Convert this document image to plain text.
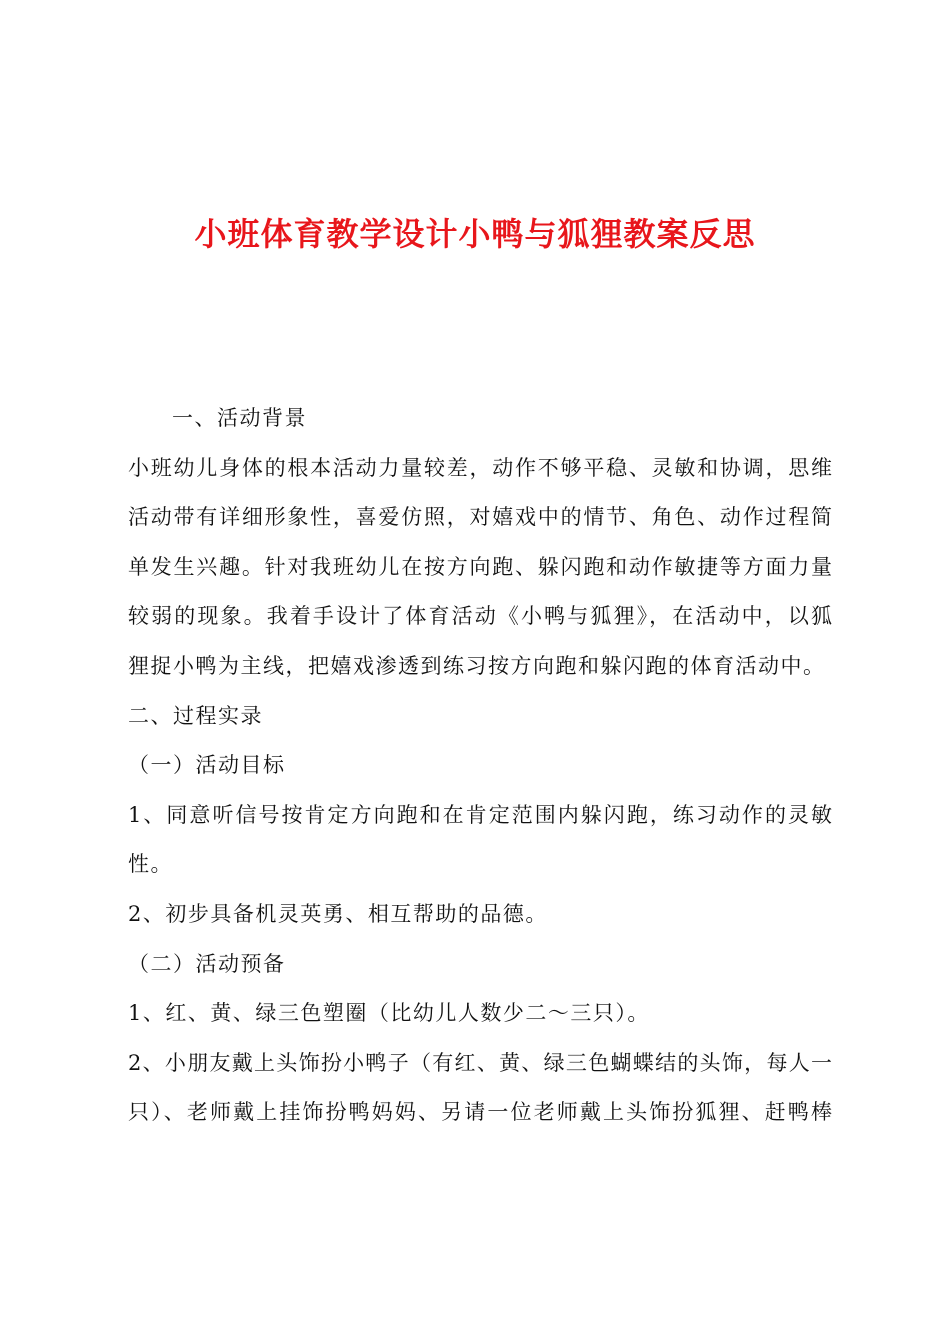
小班体育教学设计小鸭与狐狸教案反思

一、活动背景

小班幼儿身体的根本活动力量较差，动作不够平稳、灵敏和协调，思维

活动带有详细形象性，喜爱仿照，对嬉戏中的情节、角色、动作过程简

单发生兴趣。针对我班幼儿在按方向跑、躲闪跑和动作敏捷等方面力量

较弱的现象。我着手设计了体育活动《小鸭与狐狸》，在活动中，以狐

狸捉小鸭为主线，把嬉戏渗透到练习按方向跑和躲闪跑的体育活动中。

二、过程实录

（一）活动目标

1、同意听信号按肯定方向跑和在肯定范围内躲闪跑，练习动作的灵敏

性。

2、初步具备机灵英勇、相互帮助的品德。

（二）活动预备

1、红、黄、绿三色塑圈（比幼儿人数少二～三只）。

2、小朋友戴上头饰扮小鸭子（有红、黄、绿三色蝴蝶结的头饰，每人一

只）、老师戴上挂饰扮鸭妈妈、另请一位老师戴上头饰扮狐狸、赶鸭棒
